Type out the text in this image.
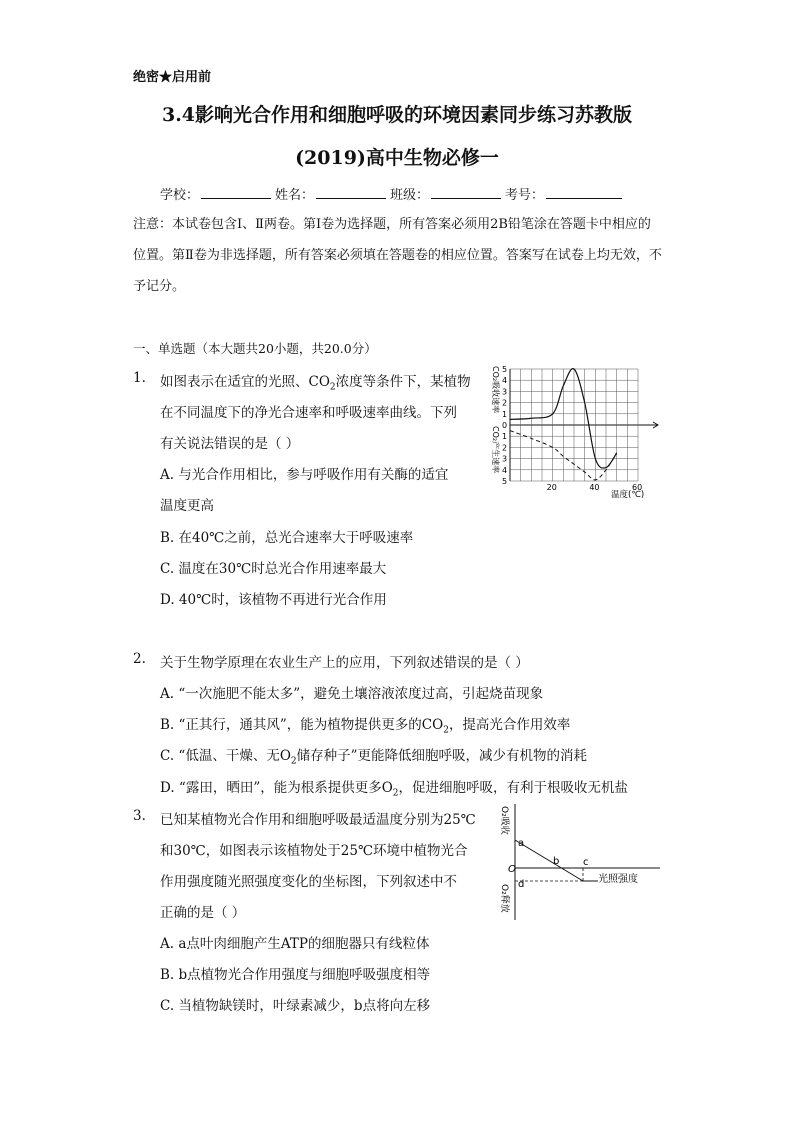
绝密★启用前
3.4影响光合作用和细胞呼吸的环境因素同步练习苏教版
(2019)高中生物必修一
学校：	姓名：	班级：	考号：
注意：本试卷包含Ⅰ、Ⅱ两卷。第Ⅰ卷为选择题，所有答案必须用2B铅笔涂在答题卡中相应的位置。第Ⅱ卷为非选择题，所有答案必须填在答题卷的相应位置。答案写在试卷上均无效，不予记分。
一、单选题（本大题共20小题，共20.0分）
1. 如图表示在适宜的光照、$CO_2$浓度等条件下，某植物
在不同温度下的净光合速率和呼吸速率曲线。下列
有关说法错误的是（ ）
A. 与光合作用相比，参与呼吸作用有关酶的适宜
温度更高
B. 在40℃之前，总光合速率大于呼吸速率
C. 温度在30℃时总光合作用速率最大
D. 40℃时，该植物不再进行光合作用
CO₂吸收速率
CO₂产生速率
5
4
3
2
1
0
1
2
3
4
5
20	40	60
温度(℃)
2. 关于生物学原理在农业生产上的应用，下列叙述错误的是（ ）
A. “一次施肥不能太多”，避免土壤溶液浓度过高，引起烧苗现象
B. “正其行，通其风”，能为植物提供更多的$CO_2$，提高光合作用效率
C. “低温、干燥、无$O_2$储存种子”更能降低细胞呼吸，减少有机物的消耗
D. “露田，晒田”，能为根系提供更多$O_2$，促进细胞呼吸，有利于根吸收无机盐
3. 已知某植物光合作用和细胞呼吸最适温度分别为25℃
和30℃，如图表示该植物处于25℃环境中植物光合
作用强度随光照强度变化的坐标图，下列叙述中不
正确的是（ ）
A. a点叶肉细胞产生ATP的细胞器只有线粒体
B. b点植物光合作用强度与细胞呼吸强度相等
C. 当植物缺镁时，叶绿素减少，b点将向左移
O₂吸收
O₂释放
O
a
b c
d	光照强度
